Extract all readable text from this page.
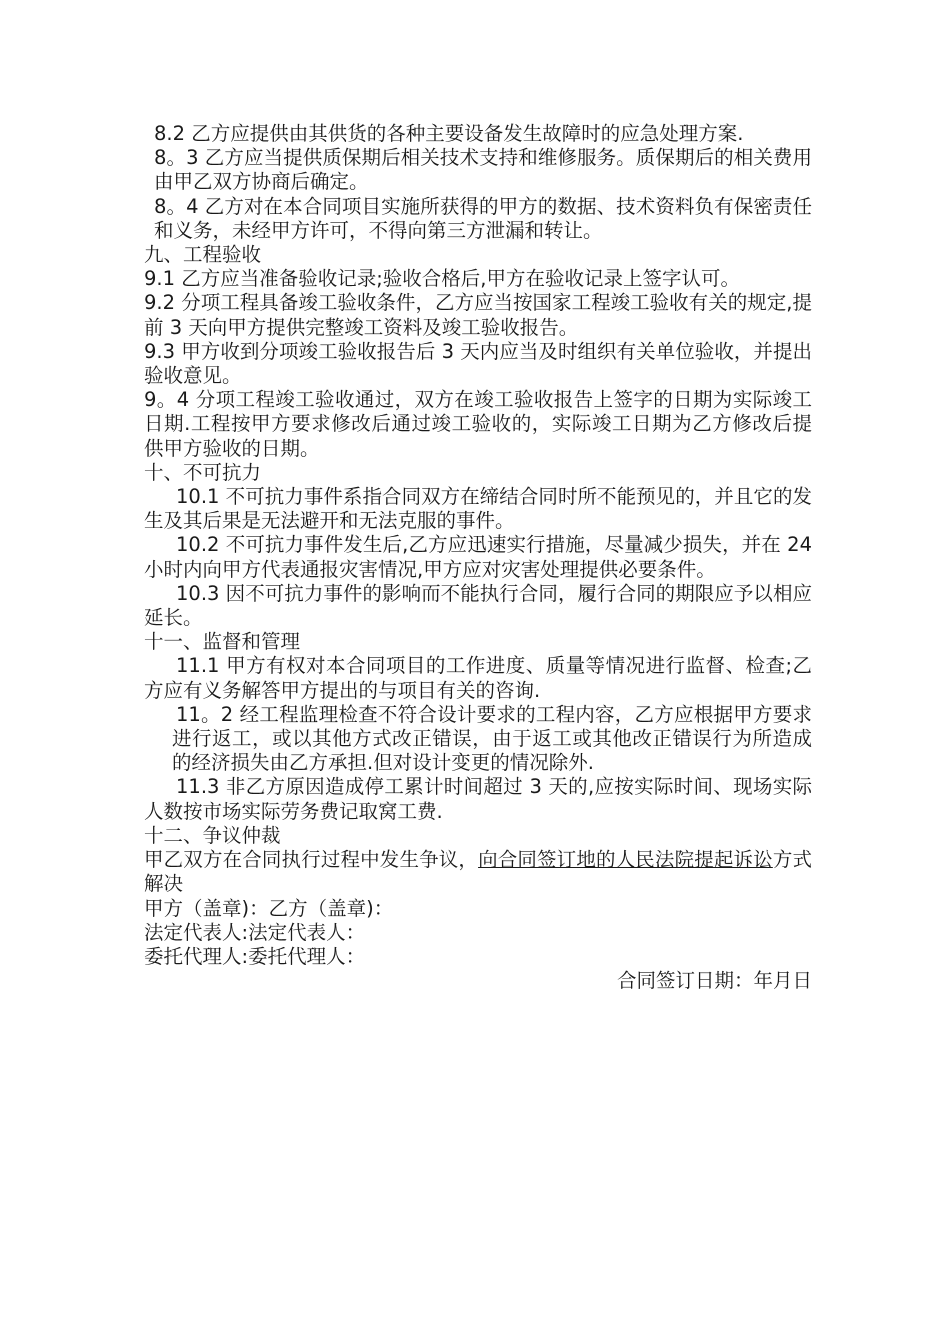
8.2 乙方应提供由其供货的各种主要设备发生故障时的应急处理方案.

8。3 乙方应当提供质保期后相关技术支持和维修服务。质保期后的相关费用由甲乙双方协商后确定。

8。4 乙方对在本合同项目实施所获得的甲方的数据、技术资料负有保密责任和义务，未经甲方许可，不得向第三方泄漏和转让。

九、工程验收

9.1 乙方应当准备验收记录;验收合格后,甲方在验收记录上签字认可。

9.2 分项工程具备竣工验收条件，乙方应当按国家工程竣工验收有关的规定,提前 3 天向甲方提供完整竣工资料及竣工验收报告。

9.3 甲方收到分项竣工验收报告后 3 天内应当及时组织有关单位验收，并提出验收意见。

9。4 分项工程竣工验收通过，双方在竣工验收报告上签字的日期为实际竣工日期.工程按甲方要求修改后通过竣工验收的，实际竣工日期为乙方修改后提供甲方验收的日期。

十、不可抗力

10.1 不可抗力事件系指合同双方在缔结合同时所不能预见的，并且它的发生及其后果是无法避开和无法克服的事件。

10.2 不可抗力事件发生后,乙方应迅速实行措施，尽量减少损失，并在 24 小时内向甲方代表通报灾害情况,甲方应对灾害处理提供必要条件。

10.3 因不可抗力事件的影响而不能执行合同，履行合同的期限应予以相应延长。

十一、监督和管理

11.1 甲方有权对本合同项目的工作进度、质量等情况进行监督、检查;乙方应有义务解答甲方提出的与项目有关的咨询.

11。2 经工程监理检查不符合设计要求的工程内容，乙方应根据甲方要求进行返工，或以其他方式改正错误，由于返工或其他改正错误行为所造成的经济损失由乙方承担.但对设计变更的情况除外.

11.3 非乙方原因造成停工累计时间超过 3 天的,应按实际时间、现场实际人数按市场实际劳务费记取窝工费.

十二、争议仲裁

甲乙双方在合同执行过程中发生争议，向合同签订地的人民法院提起诉讼方式解决

甲方（盖章)：乙方（盖章)：

法定代表人:法定代表人：

委托代理人:委托代理人：

合同签订日期：年月日
